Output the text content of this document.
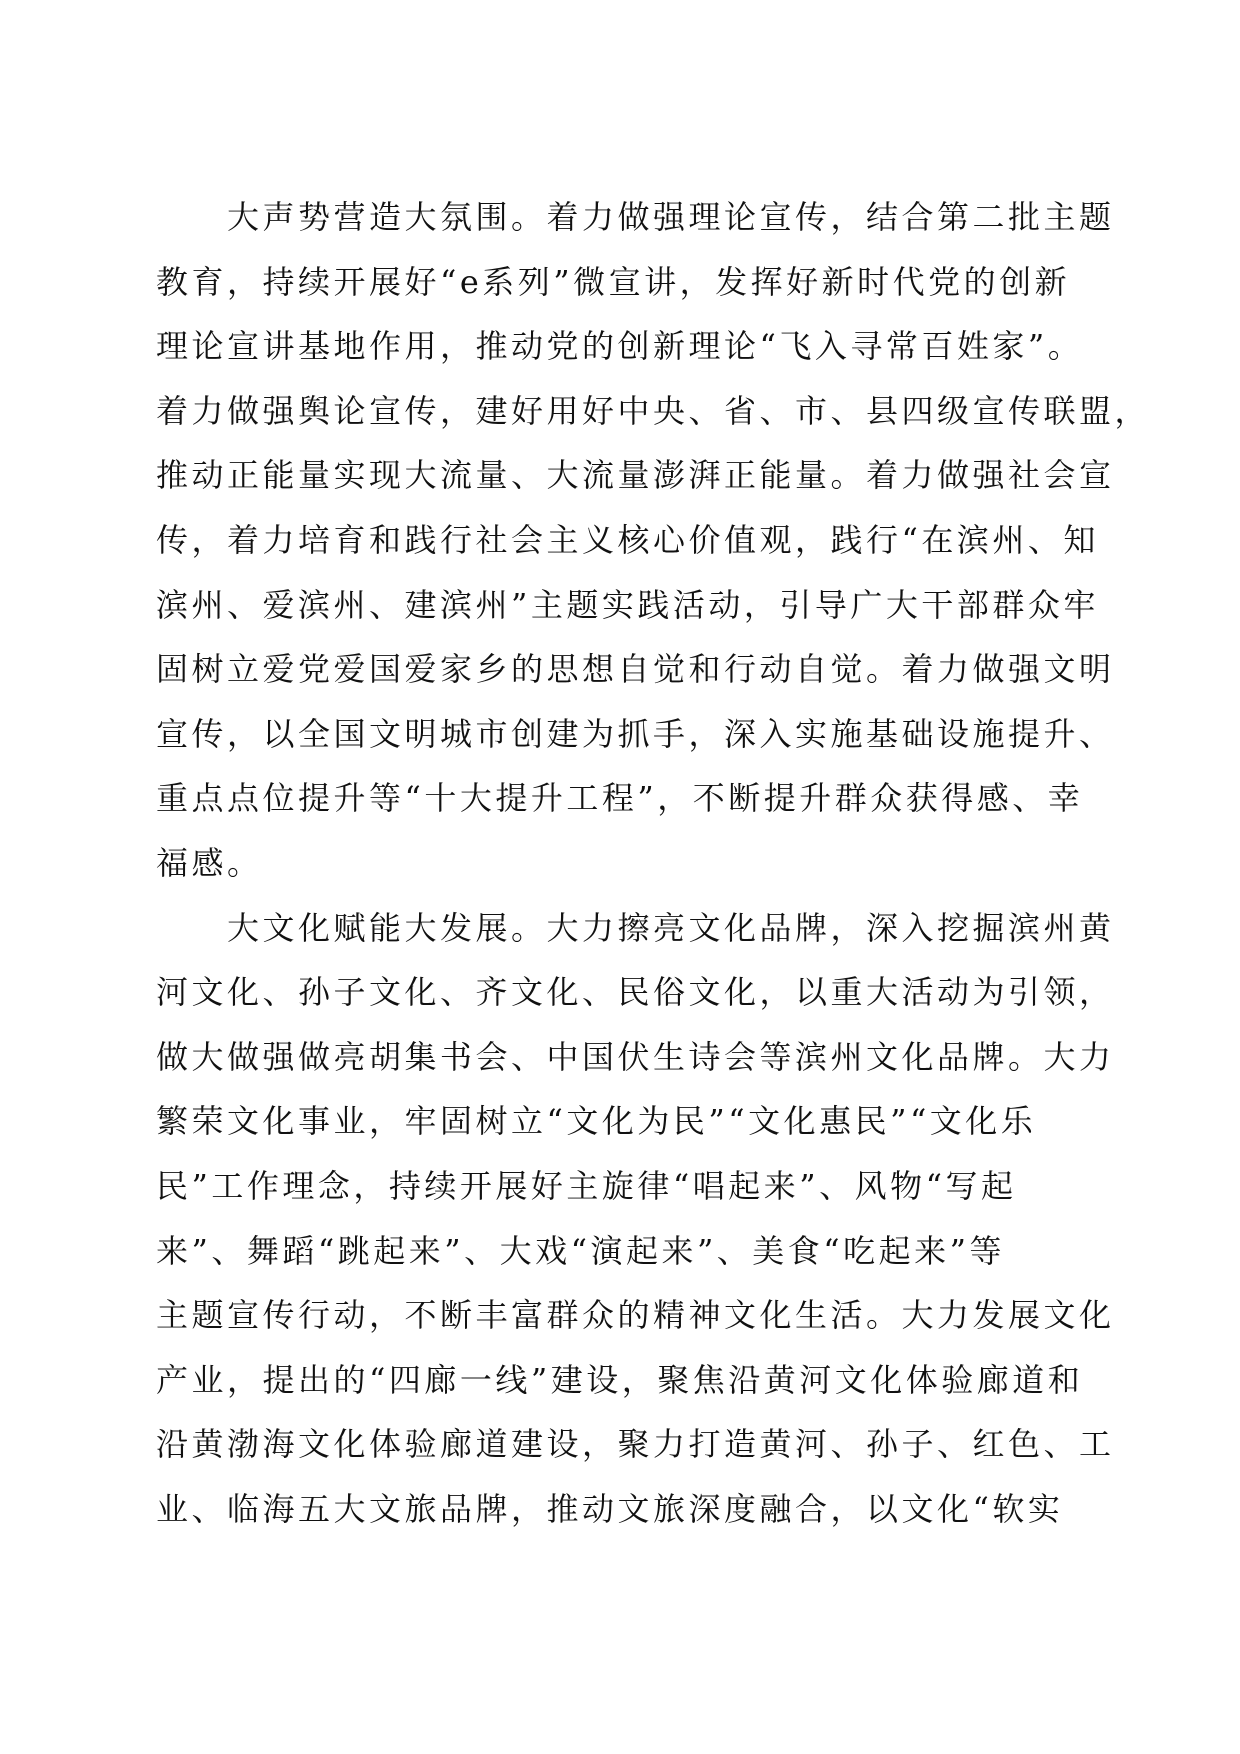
　　大声势营造大氛围。着力做强理论宣传，结合第二批主题
教育，持续开展好“e系列”微宣讲，发挥好新时代党的创新
理论宣讲基地作用，推动党的创新理论“飞入寻常百姓家”。
着力做强舆论宣传，建好用好中央、省、市、县四级宣传联盟，
推动正能量实现大流量、大流量澎湃正能量。着力做强社会宣
传，着力培育和践行社会主义核心价值观，践行“在滨州、知
滨州、爱滨州、建滨州”主题实践活动，引导广大干部群众牢
固树立爱党爱国爱家乡的思想自觉和行动自觉。着力做强文明
宣传，以全国文明城市创建为抓手，深入实施基础设施提升、
重点点位提升等“十大提升工程”，不断提升群众获得感、幸
福感。
　　大文化赋能大发展。大力擦亮文化品牌，深入挖掘滨州黄
河文化、孙子文化、齐文化、民俗文化，以重大活动为引领，
做大做强做亮胡集书会、中国伏生诗会等滨州文化品牌。大力
繁荣文化事业，牢固树立“文化为民”“文化惠民”“文化乐
民”工作理念，持续开展好主旋律“唱起来”、风物“写起
来”、舞蹈“跳起来”、大戏“演起来”、美食“吃起来”等
主题宣传行动，不断丰富群众的精神文化生活。大力发展文化
产业，提出的“四廊一线”建设，聚焦沿黄河文化体验廊道和
沿黄渤海文化体验廊道建设，聚力打造黄河、孙子、红色、工
业、临海五大文旅品牌，推动文旅深度融合，以文化“软实
